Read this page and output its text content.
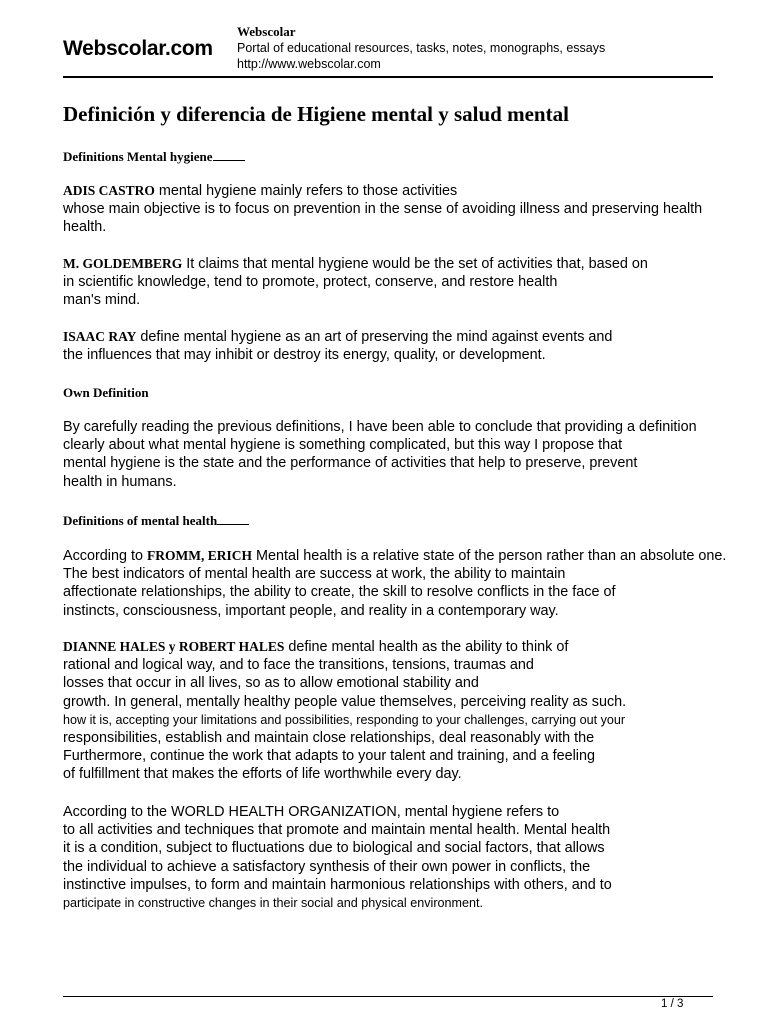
Webscolar.com
Webscolar
Portal of educational resources, tasks, notes, monographs, essays
http://www.webscolar.com
Definición y diferencia de Higiene mental y salud mental
Definitions Mental hygiene
ADIS CASTRO mental hygiene mainly refers to those activities
whose main objective is to focus on prevention in the sense of avoiding illness and preserving health
health.
M. GOLDEMBERG It claims that mental hygiene would be the set of activities that, based on
in scientific knowledge, tend to promote, protect, conserve, and restore health
man's mind.
ISAAC RAY define mental hygiene as an art of preserving the mind against events and
the influences that may inhibit or destroy its energy, quality, or development.
Own Definition
By carefully reading the previous definitions, I have been able to conclude that providing a definition
clearly about what mental hygiene is something complicated, but this way I propose that
mental hygiene is the state and the performance of activities that help to preserve, prevent
health in humans.
Definitions of mental health
According to FROMM, ERICH Mental health is a relative state of the person rather than an absolute one.
The best indicators of mental health are success at work, the ability to maintain
affectionate relationships, the ability to create, the skill to resolve conflicts in the face of
instincts, consciousness, important people, and reality in a contemporary way.
DIANNE HALES y ROBERT HALES define mental health as the ability to think of
rational and logical way, and to face the transitions, tensions, traumas and
losses that occur in all lives, so as to allow emotional stability and
growth. In general, mentally healthy people value themselves, perceiving reality as such.
how it is, accepting your limitations and possibilities, responding to your challenges, carrying out your
responsibilities, establish and maintain close relationships, deal reasonably with the
Furthermore, continue the work that adapts to your talent and training, and a feeling
of fulfillment that makes the efforts of life worthwhile every day.
According to the WORLD HEALTH ORGANIZATION, mental hygiene refers to
to all activities and techniques that promote and maintain mental health. Mental health
it is a condition, subject to fluctuations due to biological and social factors, that allows
the individual to achieve a satisfactory synthesis of their own power in conflicts, the
instinctive impulses, to form and maintain harmonious relationships with others, and to
participate in constructive changes in their social and physical environment.
1 / 3
